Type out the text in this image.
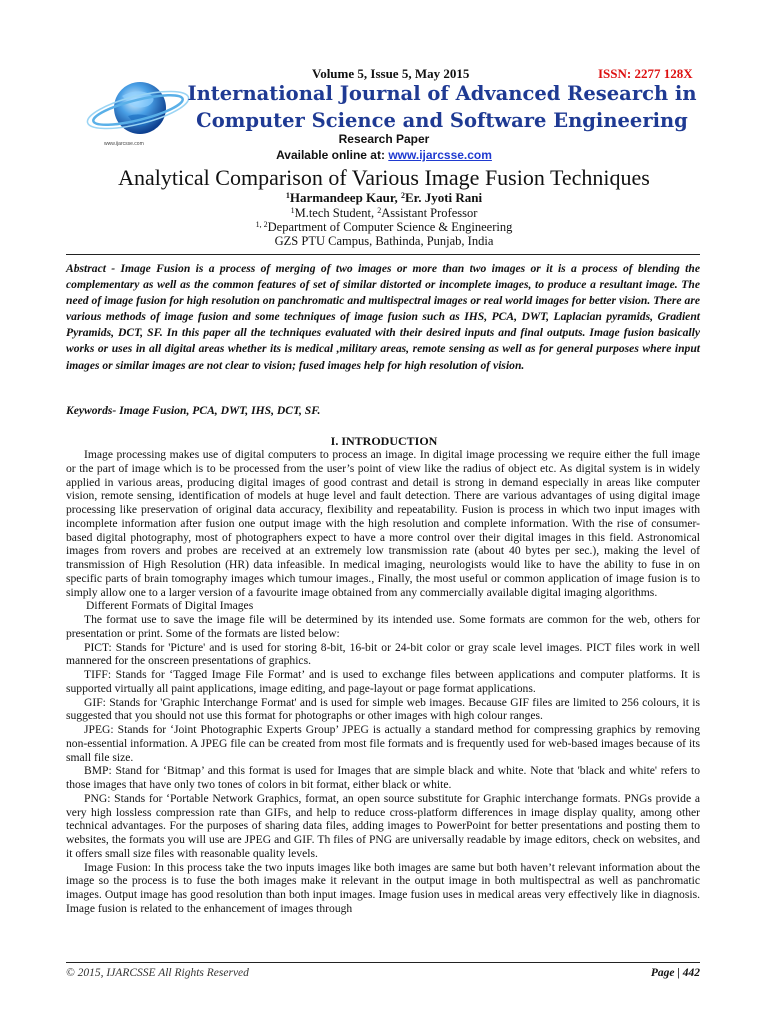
www.ijarcsse.com
Volume 5, Issue 5, May 2015	ISSN: 2277 128X
International Journal of Advanced Research in
Computer Science and Software Engineering
Research Paper
Available online at: www.ijarcsse.com
Analytical Comparison of Various Image Fusion Techniques
$^1$Harmandeep Kaur, $^2$Er. Jyoti Rani
$^1$M.tech Student, $^2$Assistant Professor
$^{1, 2}$Department of Computer Science & Engineering
GZS PTU Campus, Bathinda, Punjab, India
Abstract - Image Fusion is a process of merging of two images or more than two images or it is a process of blending the complementary as well as the common features of set of similar distorted or incomplete images, to produce a resultant image. The need of image fusion for high resolution on panchromatic and multispectral images or real world images for better vision. There are various methods of image fusion and some techniques of image fusion such as IHS, PCA, DWT, Laplacian pyramids, Gradient Pyramids, DCT, SF. In this paper all the techniques evaluated with their desired inputs and final outputs. Image fusion basically works or uses in all digital areas whether its is medical ,military areas, remote sensing as well as for general purposes where input images or similar images are not clear to vision; fused images help for high resolution of vision.
Keywords- Image Fusion, PCA, DWT, IHS, DCT, SF.
I. INTRODUCTION

Image processing makes use of digital computers to process an image. In digital image processing we require either the full image or the part of image which is to be processed from the user’s point of view like the radius of object etc. As digital system is in widely applied in various areas, producing digital images of good contrast and detail is strong in demand especially in areas like computer vision, remote sensing, identification of models at huge level and fault detection. There are various advantages of using digital image processing like preservation of original data accuracy, flexibility and repeatability. Fusion is process in which two input images with incomplete information after fusion one output image with the high resolution and complete information. With the rise of consumer-based digital photography, most of photographers expect to have a more control over their digital images in this field. Astronomical images from rovers and probes are received at an extremely low transmission rate (about 40 bytes per sec.), making the level of transmission of High Resolution (HR) data infeasible. In medical imaging, neurologists would like to have the ability to fuse in on specific parts of brain tomography images which tumour images., Finally, the most useful or common application of image fusion is to simply allow one to a larger version of a favourite image obtained from any commercially available digital imaging algorithms.

Different Formats of Digital Images

The format use to save the image file will be determined by its intended use. Some formats are common for the web, others for presentation or print. Some of the formats are listed below:

PICT: Stands for 'Picture' and is used for storing 8-bit, 16-bit or 24-bit color or gray scale level images. PICT files work in well mannered for the onscreen presentations of graphics.

TIFF: Stands for ‘Tagged Image File Format’ and is used to exchange files between applications and computer platforms. It is supported virtually all paint applications, image editing, and page-layout or page format applications.

GIF: Stands for 'Graphic Interchange Format' and is used for simple web images. Because GIF files are limited to 256 colours, it is suggested that you should not use this format for photographs or other images with high colour ranges.

JPEG: Stands for ‘Joint Photographic Experts Group’ JPEG is actually a standard method for compressing graphics by removing non-essential information. A JPEG file can be created from most file formats and is frequently used for web-based images because of its small file size.

BMP: Stand for ‘Bitmap’ and this format is used for Images that are simple black and white. Note that 'black and white' refers to those images that have only two tones of colors in bit format, either black or white.

PNG: Stands for ‘Portable Network Graphics, format, an open source substitute for Graphic interchange formats. PNGs provide a very high lossless compression rate than GIFs, and help to reduce cross-platform differences in image display quality, among other technical advantages. For the purposes of sharing data files, adding images to PowerPoint for better presentations and posting them to websites, the formats you will use are JPEG and GIF. Th files of PNG are universally readable by image editors, check on websites, and it offers small size files with reasonable quality levels.

Image Fusion: In this process take the two inputs images like both images are same but both haven’t relevant information about the image so the process is to fuse the both images make it relevant in the output image in both multispectral as well as panchromatic images. Output image has good resolution than both input images. Image fusion uses in medical areas very effectively like in diagnosis. Image fusion is related to the enhancement of images through

© 2015, IJARCSSE All Rights Reserved	Page | 442
